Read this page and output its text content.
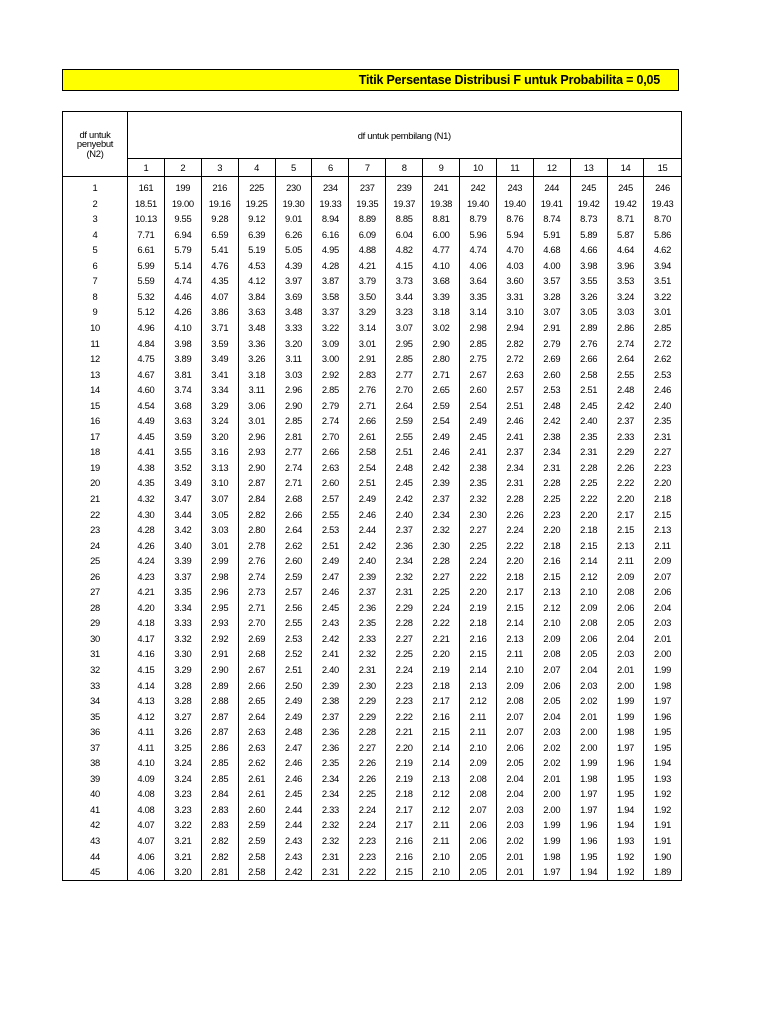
Titik Persentase Distribusi F untuk Probabilita = 0,05
df untuk
penyebut
(N2)	df untuk pembilang (N1)														
	1	2	3	4	5	6	7	8	9	10	11	12	13	14	15
1	161	199	216	225	230	234	237	239	241	242	243	244	245	245	246
2	18.51	19.00	19.16	19.25	19.30	19.33	19.35	19.37	19.38	19.40	19.40	19.41	19.42	19.42	19.43
3	10.13	9.55	9.28	9.12	9.01	8.94	8.89	8.85	8.81	8.79	8.76	8.74	8.73	8.71	8.70
4	7.71	6.94	6.59	6.39	6.26	6.16	6.09	6.04	6.00	5.96	5.94	5.91	5.89	5.87	5.86
5	6.61	5.79	5.41	5.19	5.05	4.95	4.88	4.82	4.77	4.74	4.70	4.68	4.66	4.64	4.62
6	5.99	5.14	4.76	4.53	4.39	4.28	4.21	4.15	4.10	4.06	4.03	4.00	3.98	3.96	3.94
7	5.59	4.74	4.35	4.12	3.97	3.87	3.79	3.73	3.68	3.64	3.60	3.57	3.55	3.53	3.51
8	5.32	4.46	4.07	3.84	3.69	3.58	3.50	3.44	3.39	3.35	3.31	3.28	3.26	3.24	3.22
9	5.12	4.26	3.86	3.63	3.48	3.37	3.29	3.23	3.18	3.14	3.10	3.07	3.05	3.03	3.01
10	4.96	4.10	3.71	3.48	3.33	3.22	3.14	3.07	3.02	2.98	2.94	2.91	2.89	2.86	2.85
11	4.84	3.98	3.59	3.36	3.20	3.09	3.01	2.95	2.90	2.85	2.82	2.79	2.76	2.74	2.72
12	4.75	3.89	3.49	3.26	3.11	3.00	2.91	2.85	2.80	2.75	2.72	2.69	2.66	2.64	2.62
13	4.67	3.81	3.41	3.18	3.03	2.92	2.83	2.77	2.71	2.67	2.63	2.60	2.58	2.55	2.53
14	4.60	3.74	3.34	3.11	2.96	2.85	2.76	2.70	2.65	2.60	2.57	2.53	2.51	2.48	2.46
15	4.54	3.68	3.29	3.06	2.90	2.79	2.71	2.64	2.59	2.54	2.51	2.48	2.45	2.42	2.40
16	4.49	3.63	3.24	3.01	2.85	2.74	2.66	2.59	2.54	2.49	2.46	2.42	2.40	2.37	2.35
17	4.45	3.59	3.20	2.96	2.81	2.70	2.61	2.55	2.49	2.45	2.41	2.38	2.35	2.33	2.31
18	4.41	3.55	3.16	2.93	2.77	2.66	2.58	2.51	2.46	2.41	2.37	2.34	2.31	2.29	2.27
19	4.38	3.52	3.13	2.90	2.74	2.63	2.54	2.48	2.42	2.38	2.34	2.31	2.28	2.26	2.23
20	4.35	3.49	3.10	2.87	2.71	2.60	2.51	2.45	2.39	2.35	2.31	2.28	2.25	2.22	2.20
21	4.32	3.47	3.07	2.84	2.68	2.57	2.49	2.42	2.37	2.32	2.28	2.25	2.22	2.20	2.18
22	4.30	3.44	3.05	2.82	2.66	2.55	2.46	2.40	2.34	2.30	2.26	2.23	2.20	2.17	2.15
23	4.28	3.42	3.03	2.80	2.64	2.53	2.44	2.37	2.32	2.27	2.24	2.20	2.18	2.15	2.13
24	4.26	3.40	3.01	2.78	2.62	2.51	2.42	2.36	2.30	2.25	2.22	2.18	2.15	2.13	2.11
25	4.24	3.39	2.99	2.76	2.60	2.49	2.40	2.34	2.28	2.24	2.20	2.16	2.14	2.11	2.09
26	4.23	3.37	2.98	2.74	2.59	2.47	2.39	2.32	2.27	2.22	2.18	2.15	2.12	2.09	2.07
27	4.21	3.35	2.96	2.73	2.57	2.46	2.37	2.31	2.25	2.20	2.17	2.13	2.10	2.08	2.06
28	4.20	3.34	2.95	2.71	2.56	2.45	2.36	2.29	2.24	2.19	2.15	2.12	2.09	2.06	2.04
29	4.18	3.33	2.93	2.70	2.55	2.43	2.35	2.28	2.22	2.18	2.14	2.10	2.08	2.05	2.03
30	4.17	3.32	2.92	2.69	2.53	2.42	2.33	2.27	2.21	2.16	2.13	2.09	2.06	2.04	2.01
31	4.16	3.30	2.91	2.68	2.52	2.41	2.32	2.25	2.20	2.15	2.11	2.08	2.05	2.03	2.00
32	4.15	3.29	2.90	2.67	2.51	2.40	2.31	2.24	2.19	2.14	2.10	2.07	2.04	2.01	1.99
33	4.14	3.28	2.89	2.66	2.50	2.39	2.30	2.23	2.18	2.13	2.09	2.06	2.03	2.00	1.98
34	4.13	3.28	2.88	2.65	2.49	2.38	2.29	2.23	2.17	2.12	2.08	2.05	2.02	1.99	1.97
35	4.12	3.27	2.87	2.64	2.49	2.37	2.29	2.22	2.16	2.11	2.07	2.04	2.01	1.99	1.96
36	4.11	3.26	2.87	2.63	2.48	2.36	2.28	2.21	2.15	2.11	2.07	2.03	2.00	1.98	1.95
37	4.11	3.25	2.86	2.63	2.47	2.36	2.27	2.20	2.14	2.10	2.06	2.02	2.00	1.97	1.95
38	4.10	3.24	2.85	2.62	2.46	2.35	2.26	2.19	2.14	2.09	2.05	2.02	1.99	1.96	1.94
39	4.09	3.24	2.85	2.61	2.46	2.34	2.26	2.19	2.13	2.08	2.04	2.01	1.98	1.95	1.93
40	4.08	3.23	2.84	2.61	2.45	2.34	2.25	2.18	2.12	2.08	2.04	2.00	1.97	1.95	1.92
41	4.08	3.23	2.83	2.60	2.44	2.33	2.24	2.17	2.12	2.07	2.03	2.00	1.97	1.94	1.92
42	4.07	3.22	2.83	2.59	2.44	2.32	2.24	2.17	2.11	2.06	2.03	1.99	1.96	1.94	1.91
43	4.07	3.21	2.82	2.59	2.43	2.32	2.23	2.16	2.11	2.06	2.02	1.99	1.96	1.93	1.91
44	4.06	3.21	2.82	2.58	2.43	2.31	2.23	2.16	2.10	2.05	2.01	1.98	1.95	1.92	1.90
45	4.06	3.20	2.81	2.58	2.42	2.31	2.22	2.15	2.10	2.05	2.01	1.97	1.94	1.92	1.89
